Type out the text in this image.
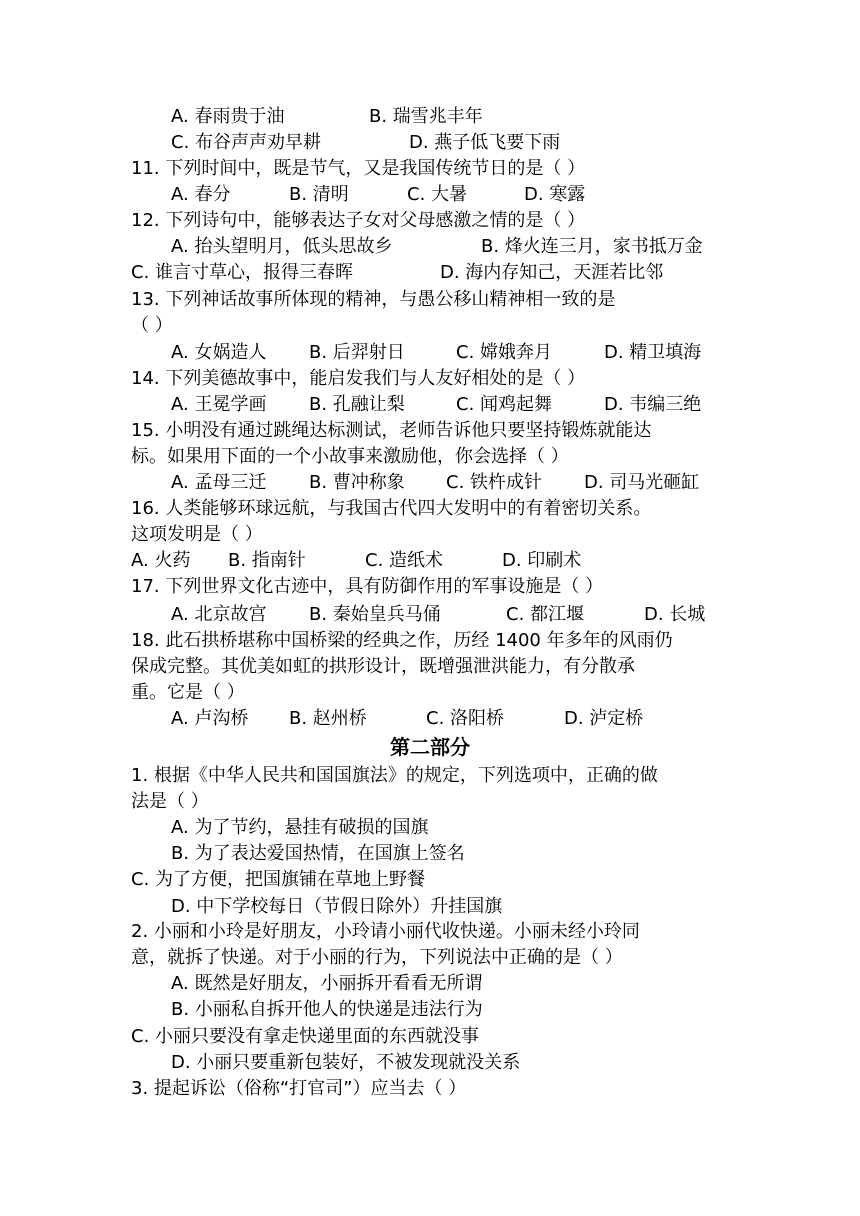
A. 春雨贵于油	B. 瑞雪兆丰年
C. 布谷声声劝早耕	D. 燕子低飞要下雨
11. 下列时间中，既是节气，又是我国传统节日的是（ ）
A. 春分	B. 清明	C. 大暑	D. 寒露
12. 下列诗句中，能够表达子女对父母感激之情的是（ ）
A. 抬头望明月，低头思故乡	B. 烽火连三月，家书抵万金
C. 谁言寸草心，报得三春晖	D. 海内存知己，天涯若比邻
13. 下列神话故事所体现的精神，与愚公移山精神相一致的是
（ ）
A. 女娲造人 B. 后羿射日	C. 嫦娥奔月	D. 精卫填海
14. 下列美德故事中，能启发我们与人友好相处的是（ ）
A. 王冕学画 B. 孔融让梨	C. 闻鸡起舞	D. 韦编三绝
15. 小明没有通过跳绳达标测试，老师告诉他只要坚持锻炼就能达
标。如果用下面的一个小故事来激励他，你会选择（ ）
A. 孟母三迁 B. 曹冲称象 C. 铁杵成针 D. 司马光砸缸
16. 人类能够环球远航，与我国古代四大发明中的有着密切关系。
这项发明是（ ）
A. 火药 B. 指南针	C. 造纸术	D. 印刷术
17. 下列世界文化古迹中，具有防御作用的军事设施是（ ）
A. 北京故宫 B. 秦始皇兵马俑	C. 都江堰	D. 长城
18. 此石拱桥堪称中国桥梁的经典之作，历经 1400 年多年的风雨仍
保成完整。其优美如虹的拱形设计，既增强泄洪能力，有分散承
重。它是（ ）
A. 卢沟桥 B. 赵州桥	C. 洛阳桥	D. 泸定桥
第二部分
1. 根据《中华人民共和国国旗法》的规定，下列选项中，正确的做
法是（ ）
A. 为了节约，悬挂有破损的国旗
B. 为了表达爱国热情，在国旗上签名
C. 为了方便，把国旗铺在草地上野餐
D. 中下学校每日（节假日除外）升挂国旗
2. 小丽和小玲是好朋友，小玲请小丽代收快递。小丽未经小玲同
意，就拆了快递。对于小丽的行为，下列说法中正确的是（ ）
A. 既然是好朋友，小丽拆开看看无所谓
B. 小丽私自拆开他人的快递是违法行为
C. 小丽只要没有拿走快递里面的东西就没事
D. 小丽只要重新包装好，不被发现就没关系
3. 提起诉讼（俗称“打官司”）应当去（ ）
